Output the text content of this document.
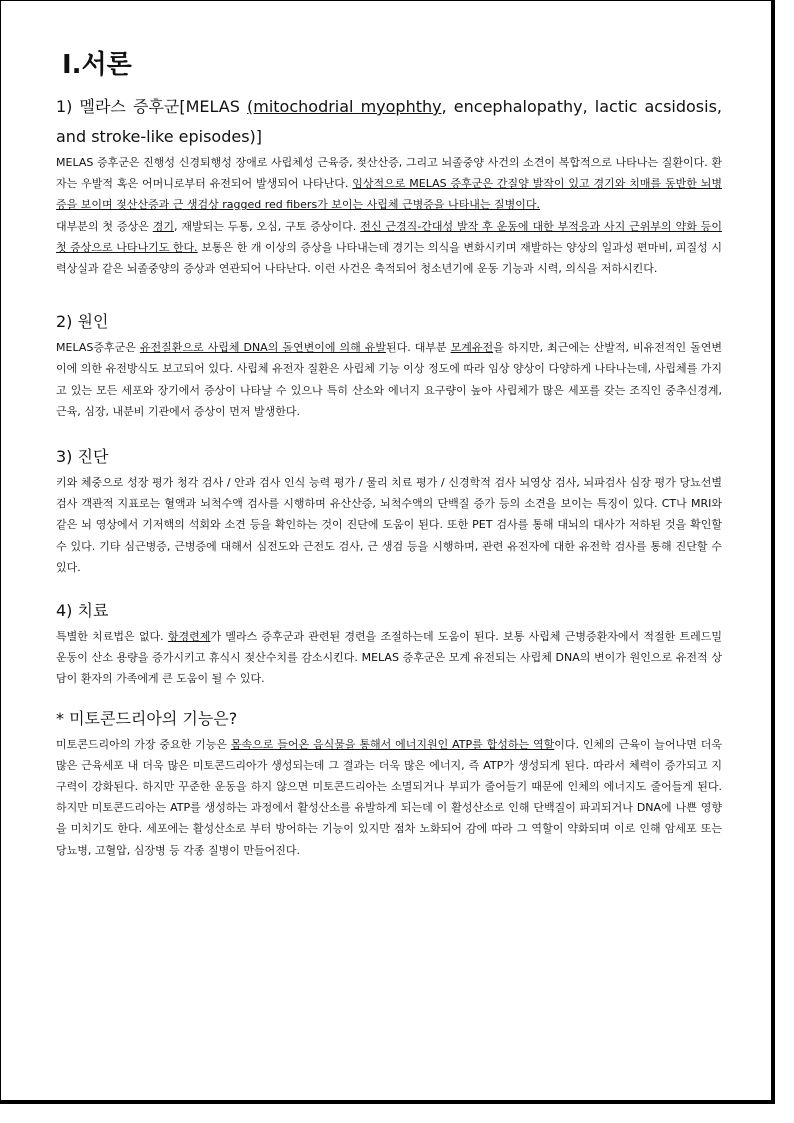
Ⅰ.서론

1) 멜라스 증후군[MELAS (mitochodrial myophthy, encephalopathy, lactic acsidosis, and stroke-like episodes)]

MELAS 증후군은 진행성 신경퇴행성 장애로 사립체성 근육증, 젖산산증, 그리고 뇌졸중양 사건의 소견이 복합적으로 나타나는 질환이다. 환자는 우발적 혹은 어머니로부터 유전되어 발생되어 나타난다. 임상적으로 MELAS 증후군은 간질양 발작이 있고 경기와 치매를 동반한 뇌병증을 보이며 젖산산증과 근 생검상 ragged red fibers가 보이는 사립체 근병증을 나타내는 질병이다.

대부분의 첫 증상은 경기, 재발되는 두통, 오심, 구토 증상이다. 전신 근경직-간대성 발작 후 운동에 대한 부적응과 사지 근위부의 약화 등이 첫 증상으로 나타나기도 한다. 보통은 한 개 이상의 증상을 나타내는데 경기는 의식을 변화시키며 재발하는 양상의 일과성 편마비, 피질성 시력상실과 같은 뇌졸중양의 증상과 연관되어 나타난다. 이런 사건은 축적되어 청소년기에 운동 기능과 시력, 의식을 저하시킨다.

2) 원인

MELAS증후군은 유전질환으로 사립체 DNA의 돌연변이에 의해 유발된다. 대부분 모계유전을 하지만, 최근에는 산발적, 비유전적인 돌연변이에 의한 유전방식도 보고되어 있다. 사립체 유전자 질환은 사립체 기능 이상 정도에 따라 임상 양상이 다양하게 나타나는데, 사립체를 가지고 있는 모든 세포와 장기에서 증상이 나타날 수 있으나 특히 산소와 에너지 요구량이 높아 사립체가 많은 세포를 갖는 조직인 중추신경계, 근육, 심장, 내분비 기관에서 증상이 먼저 발생한다.

3) 진단

키와 체중으로 성장 평가 청각 검사 / 안과 검사 인식 능력 평가 / 물리 치료 평가 / 신경학적 검사 뇌영상 검사, 뇌파검사 심장 평가 당뇨선별검사 객관적 지표로는 혈액과 뇌척수액 검사를 시행하며 유산산증, 뇌척수액의 단백질 증가 등의 소견을 보이는 특징이 있다. CT나 MRI와 같은 뇌 영상에서 기저핵의 석회와 소견 등을 확인하는 것이 진단에 도움이 된다. 또한 PET 검사를 통해 대뇌의 대사가 저하된 것을 확인할 수 있다. 기타 심근병증, 근병증에 대해서 심전도와 근전도 검사, 근 생검 등을 시행하며, 관련 유전자에 대한 유전학 검사를 통해 진단할 수 있다.

4) 치료

특별한 치료법은 없다. 항경련제가 멜라스 증후군과 관련된 경련을 조절하는데 도움이 된다. 보통 사립체 근병증환자에서 적절한 트레드밀 운동이 산소 용량을 증가시키고 휴식시 젖산수치를 감소시킨다. MELAS 증후군은 모계 유전되는 사립체 DNA의 변이가 원인으로 유전적 상담이 환자의 가족에게 큰 도움이 될 수 있다.

* 미토콘드리아의 기능은?

미토콘드리아의 가장 중요한 기능은 몸속으로 들어온 음식물을 통해서 에너지원인 ATP를 합성하는 역할이다. 인체의 근육이 늘어나면 더욱 많은 근육세포 내 더욱 많은 미토콘드리아가 생성되는데 그 결과는 더욱 많은 에너지, 즉 ATP가 생성되게 된다. 따라서 체력이 증가되고 지구력이 강화된다. 하지만 꾸준한 운동을 하지 않으면 미토콘드리아는 소멸되거나 부피가 줄어들기 때문에 인체의 에너지도 줄어들게 된다. 하지만 미토콘드리아는 ATP를 생성하는 과정에서 활성산소를 유발하게 되는데 이 활성산소로 인해 단백질이 파괴되거나 DNA에 나쁜 영향을 미치기도 한다. 세포에는 활성산소로 부터 방어하는 기능이 있지만 점차 노화되어 감에 따라 그 역할이 약화되며 이로 인해 암세포 또는 당뇨병, 고혈압, 심장병 등 각종 질병이 만들어진다.
